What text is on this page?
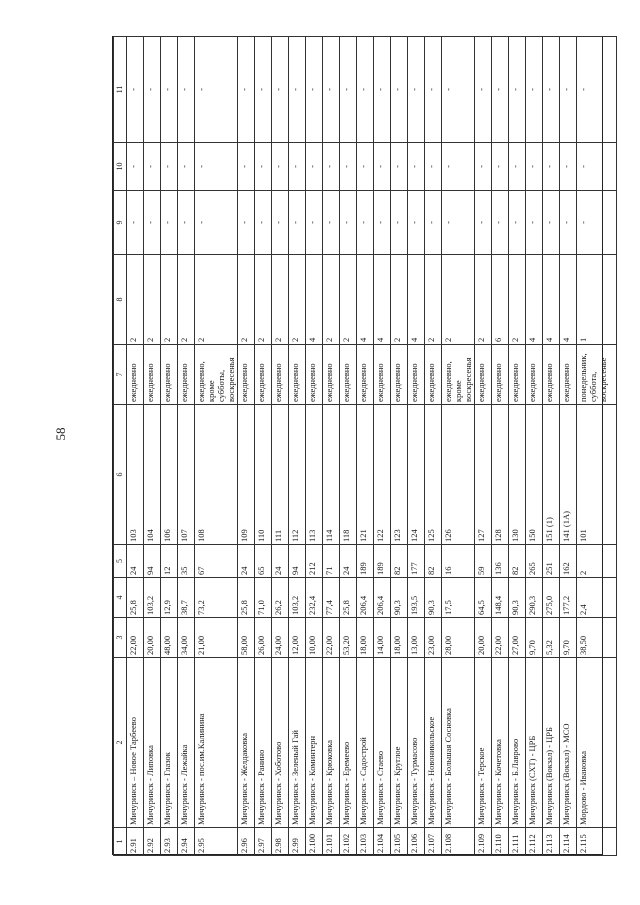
58
1	2	3	4	5	6	7	8	9	10	11
2.91	Мичуринск – Новое Тарбеево	22,00	25,8	24	103	ежедневно	2	-	-	-
2.92	Мичуринск - Липовка	20,00	103,2	94	104	ежедневно	2	-	-	-
2.93	Мичуринск - Глазок	48,00	12,9	12	106	ежедневно	2	-	-	-
2.94	Мичуринск - Лежайка	34,00	38,7	35	107	ежедневно	2	-	-	-
2.95	Мичуринск - пос.им.Калинина	21,00	73,2	67	108	ежедневно, кроме субботы, воскресенья	2	-	-	-
2.96	Мичуринск - Желдаковка	58,00	25,8	24	109	ежедневно	2	-	-	-
2.97	Мичуринск - Ранино	26,00	71,0	65	110	ежедневно	2	-	-	-
2.98	Мичуринск - Хоботово	24,00	26,2	24	111	ежедневно	2	-	-	-
2.99	Мичуринск - Зеленый Гай	12,00	103,2	94	112	ежедневно	2	-	-	-
2.100	Мичуринск - Коминтерн	10,00	232,4	212	113	ежедневно	4	-	-	-
2.101	Мичуринск - Крюковка	22,00	77,4	71	114	ежедневно	2	-	-	-
2.102	Мичуринск - Еремеево	53,20	25,8	24	118	ежедневно	2	-	-	-
2.103	Мичуринск - Садострой	18,00	206,4	189	121	ежедневно	4	-	-	-
2.104	Мичуринск - Стаево	14,00	206,4	189	122	ежедневно	4	-	-	-
2.105	Мичуринск - Круглое	18,00	90,3	82	123	ежедневно	2	-	-	-
2.106	Мичуринск - Турмасово	13,00	193,5	177	124	ежедневно	4	-	-	-
2.107	Мичуринск - Новоникольское	23,00	90,3	82	125	ежедневно	2	-	-	-
2.108	Мичуринск - Большая Сосновка	28,00	17,5	16	126	ежедневно, кроме воскресенья	2	-	-	-
2.109	Мичуринск - Терское	20,00	64,5	59	127	ежедневно	2	-	-	-
2.110	Мичуринск - Кочетовка	22,00	148,4	136	128	ежедневно	6	-	-	-
2.111	Мичуринск - Б.Лаврово	27,00	90,3	82	130	ежедневно	2	-	-	-
2.112	Мичуринск (СХТ) - ЦРБ	9,70	290,3	265	150	ежедневно	4	-	-	-
2.113	Мичуринск (Вокзал) - ЦРБ	5,32	275,0	251	151 (1)	ежедневно	4	-	-	-
2.114	Мичуринск (Вокзал) - МСО	9,70	177,2	162	141 (1А)	ежедневно	4	-	-	-
2.115	Мордово - Ивановка	38,50	2,4	2	101	понедельник, суббота, воскресенье	1	-	-	-
